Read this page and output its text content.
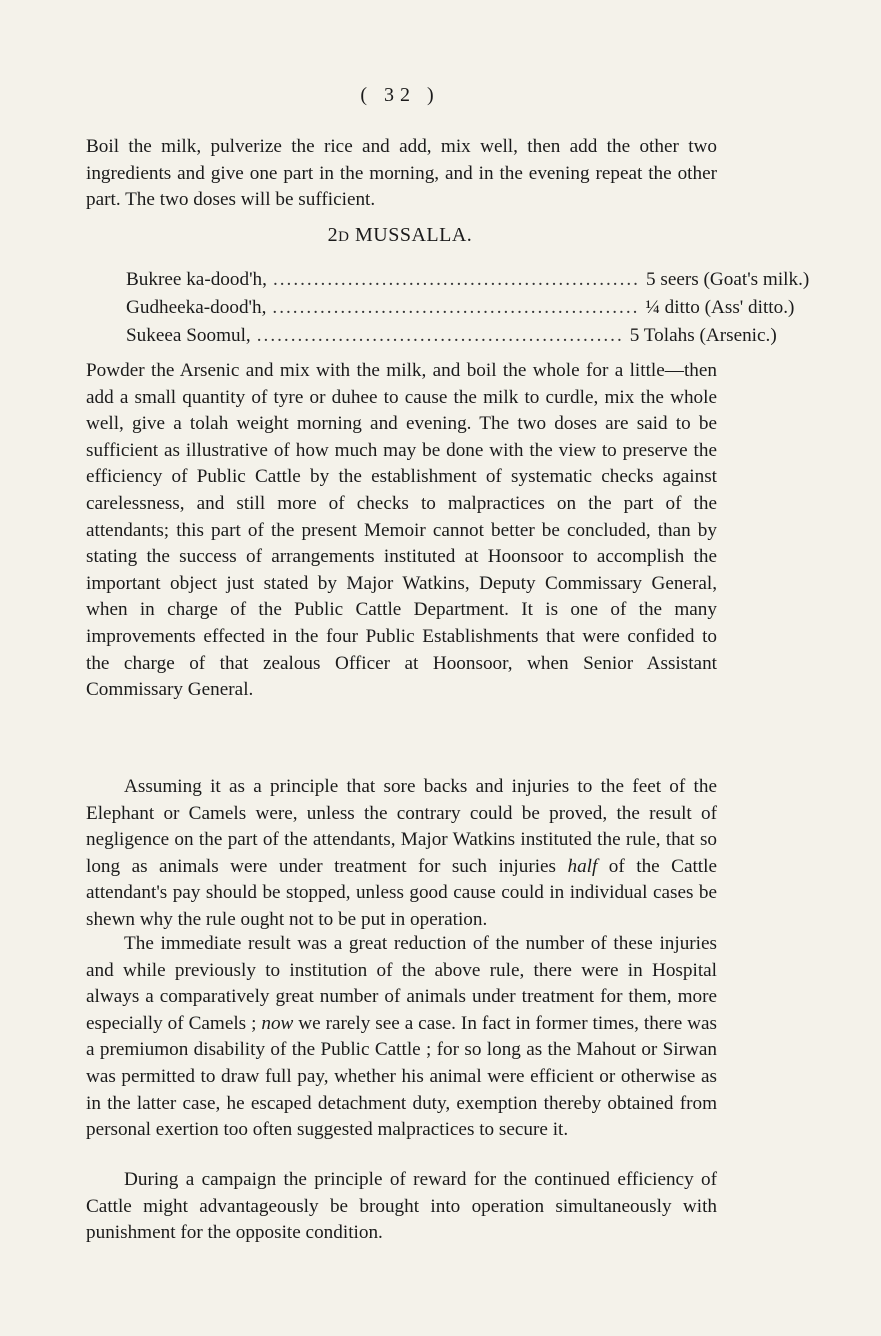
( 32 )
Boil the milk, pulverize the rice and add, mix well, then add the other two ingredients and give one part in the morning, and in the evening repeat the other part. The two doses will be sufficient.
2D MUSSALLA.
Bukree ka-dood'h, ...................................................... 5 seers (Goat's milk.)
Gudheeka-dood'h, ...................................................... ¼ ditto (Ass' ditto.)
Sukeea Soomul, ...................................................... 5 Tolahs (Arsenic.)
Powder the Arsenic and mix with the milk, and boil the whole for a little—then add a small quantity of tyre or duhee to cause the milk to curdle, mix the whole well, give a tolah weight morning and evening. The two doses are said to be sufficient as illustrative of how much may be done with the view to preserve the efficiency of Public Cattle by the establishment of systematic checks against carelessness, and still more of checks to malpractices on the part of the attendants; this part of the present Memoir cannot better be concluded, than by stating the success of arrangements instituted at Hoonsoor to accomplish the important object just stated by Major Watkins, Deputy Commissary General, when in charge of the Public Cattle Department. It is one of the many improvements effected in the four Public Establishments that were confided to the charge of that zealous Officer at Hoonsoor, when Senior Assistant Commissary General.
Assuming it as a principle that sore backs and injuries to the feet of the Elephant or Camels were, unless the contrary could be proved, the result of negligence on the part of the attendants, Major Watkins instituted the rule, that so long as animals were under treatment for such injuries half of the Cattle attendant's pay should be stopped, unless good cause could in individual cases be shewn why the rule ought not to be put in operation.
The immediate result was a great reduction of the number of these injuries and while previously to institution of the above rule, there were in Hospital always a comparatively great number of animals under treatment for them, more especially of Camels ; now we rarely see a case. In fact in former times, there was a premiumon disability of the Public Cattle ; for so long as the Mahout or Sirwan was permitted to draw full pay, whether his animal were efficient or otherwise as in the latter case, he escaped detachment duty, exemption thereby obtained from personal exertion too often suggested malpractices to secure it.
During a campaign the principle of reward for the continued efficiency of Cattle might advantageously be brought into operation simultaneously with punishment for the opposite condition.
